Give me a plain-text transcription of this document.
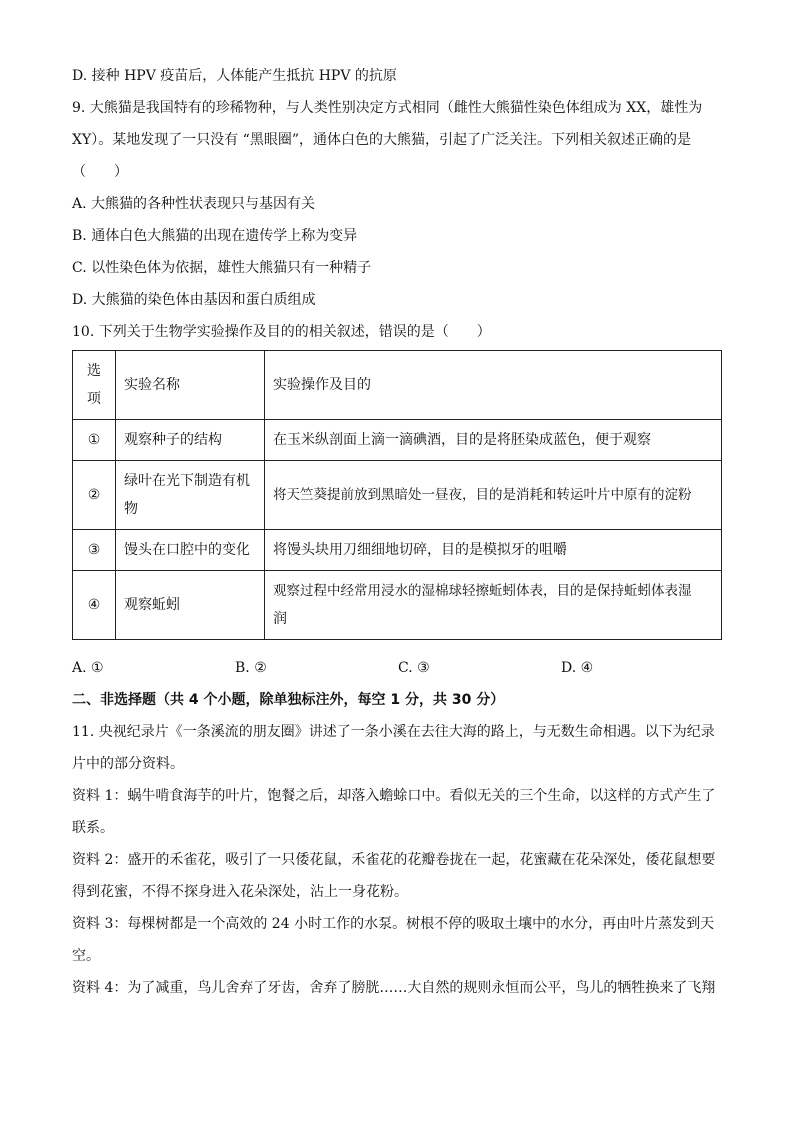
D. 接种 HPV 疫苗后，人体能产生抵抗 HPV 的抗原
9. 大熊猫是我国特有的珍稀物种，与人类性别决定方式相同（雌性大熊猫性染色体组成为 XX，雄性为
XY）。某地发现了一只没有 “黑眼圈”，通体白色的大熊猫，引起了广泛关注。下列相关叙述正确的是
（　　）
A. 大熊猫的各种性状表现只与基因有关
B. 通体白色大熊猫的出现在遗传学上称为变异
C. 以性染色体为依据，雄性大熊猫只有一种精子
D. 大熊猫的染色体由基因和蛋白质组成
10. 下列关于生物学实验操作及目的的相关叙述，错误的是（　　）
选
项	实验名称	实验操作及目的
①	观察种子的结构	在玉米纵剖面上滴一滴碘酒，目的是将胚染成蓝色，便于观察
②	绿叶在光下制造有机
物	将天竺葵提前放到黑暗处一昼夜，目的是消耗和转运叶片中原有的淀粉
③	馒头在口腔中的变化	将馒头块用刀细细地切碎，目的是模拟牙的咀嚼
④	观察蚯蚓	观察过程中经常用浸水的湿棉球轻擦蚯蚓体表，目的是保持蚯蚓体表湿
润
A. ①	B. ②	C. ③	D. ④
二、非选择题（共 4 个小题，除单独标注外，每空 1 分，共 30 分）
11. 央视纪录片《一条溪流的朋友圈》讲述了一条小溪在去往大海的路上，与无数生命相遇。以下为纪录
片中的部分资料。
资料 1：蜗牛啃食海芋的叶片，饱餐之后，却落入蟾蜍口中。看似无关的三个生命，以这样的方式产生了
联系。
资料 2：盛开的禾雀花，吸引了一只倭花鼠，禾雀花的花瓣卷拢在一起，花蜜藏在花朵深处，倭花鼠想要
得到花蜜，不得不探身进入花朵深处，沾上一身花粉。
资料 3：每棵树都是一个高效的 24 小时工作的水泵。树根不停的吸取土壤中的水分，再由叶片蒸发到天
空。
资料 4：为了减重，鸟儿舍弃了牙齿，舍弃了膀胱……大自然的规则永恒而公平，鸟儿的牺牲换来了飞翔
